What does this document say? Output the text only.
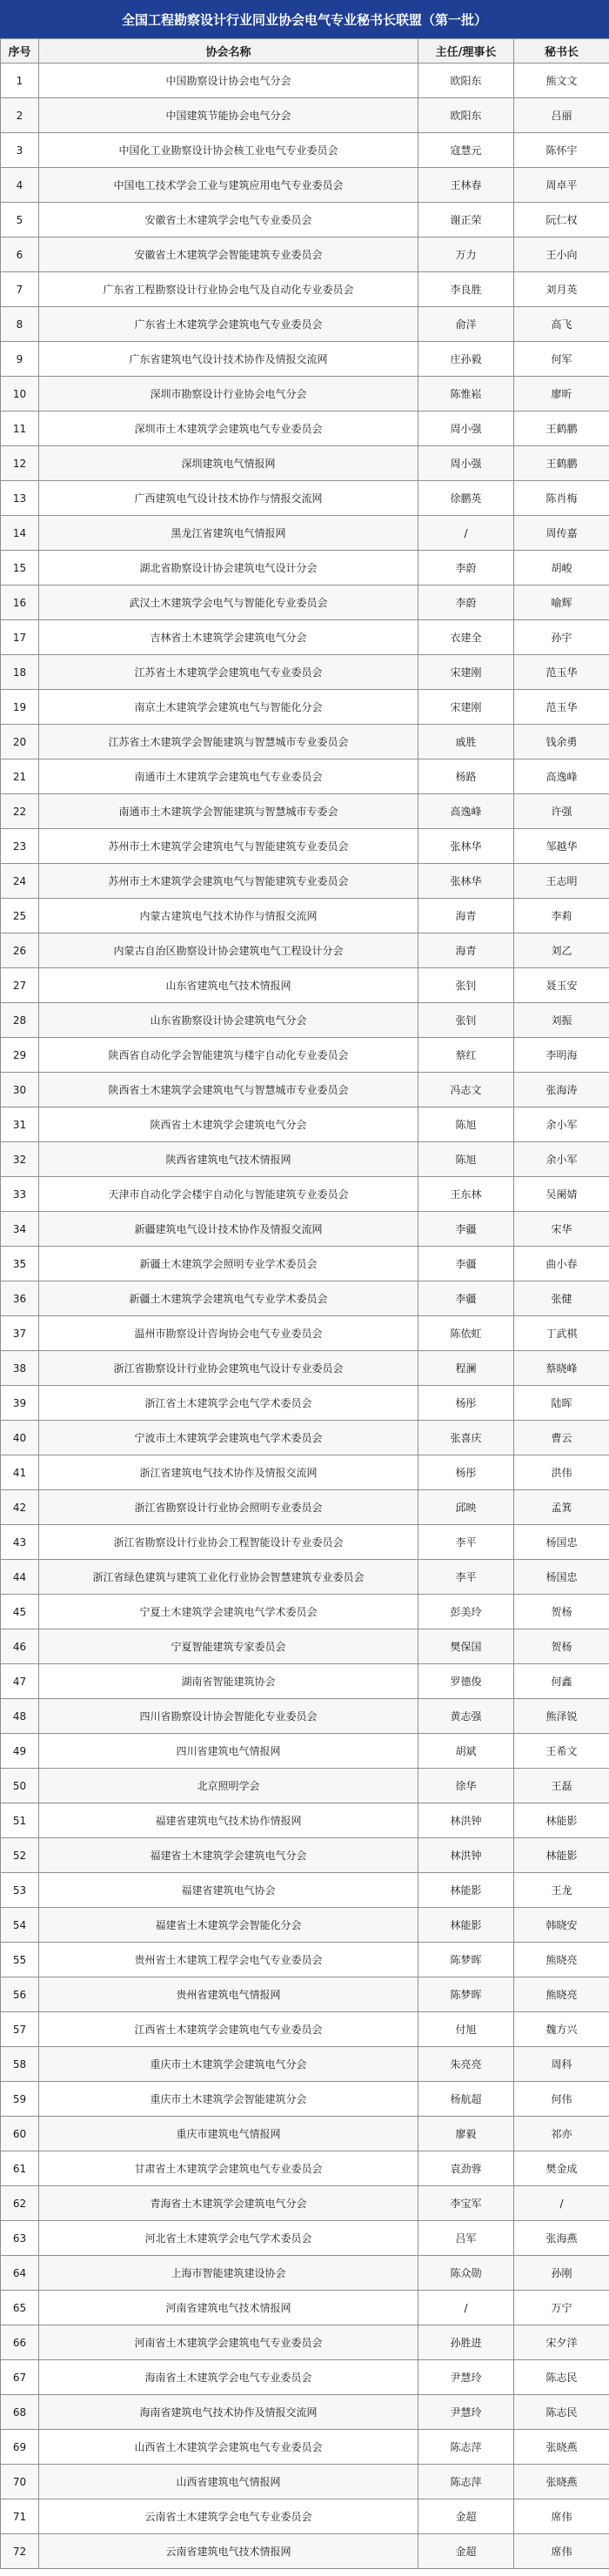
全国工程勘察设计行业同业协会电气专业秘书长联盟（第一批）
序号	协会名称	主任/理事长	秘书长
1	中国勘察设计协会电气分会	欧阳东	熊文文
2	中国建筑节能协会电气分会	欧阳东	吕丽
3	中国化工业勘察设计协会核工业电气专业委员会	寇慧元	陈怀宇
4	中国电工技术学会工业与建筑应用电气专业委员会	王林春	周卓平
5	安徽省土木建筑学会电气专业委员会	谢正荣	阮仁权
6	安徽省土木建筑学会智能建筑专业委员会	万力	王小向
7	广东省工程勘察设计行业协会电气及自动化专业委员会	李良胜	刘月英
8	广东省土木建筑学会建筑电气专业委员会	俞洋	高飞
9	广东省建筑电气设计技术协作及情报交流网	庄孙毅	何军
10	深圳市勘察设计行业协会电气分会	陈惟崧	廖昕
11	深圳市土木建筑学会建筑电气专业委员会	周小强	王鹤鹏
12	深圳建筑电气情报网	周小强	王鹤鹏
13	广西建筑电气设计技术协作与情报交流网	徐鹏英	陈肖梅
14	黑龙江省建筑电气情报网	/	周传嘉
15	湖北省勘察设计协会建筑电气设计分会	李蔚	胡峻
16	武汉土木建筑学会电气与智能化专业委员会	李蔚	喻辉
17	吉林省土木建筑学会建筑电气分会	衣建全	孙宇
18	江苏省土木建筑学会建筑电气专业委员会	宋建刚	范玉华
19	南京土木建筑学会建筑电气与智能化分会	宋建刚	范玉华
20	江苏省土木建筑学会智能建筑与智慧城市专业委员会	戚胜	钱余勇
21	南通市土木建筑学会建筑电气专业委员会	杨路	高逸峰
22	南通市土木建筑学会智能建筑与智慧城市专委会	高逸峰	许强
23	苏州市土木建筑学会建筑电气与智能建筑专业委员会	张林华	邹越华
24	苏州市土木建筑学会建筑电气与智能建筑专业委员会	张林华	王志明
25	内蒙古建筑电气技术协作与情报交流网	海青	李莉
26	内蒙古自治区勘察设计协会建筑电气工程设计分会	海青	刘乙
27	山东省建筑电气技术情报网	张钊	聂玉安
28	山东省勘察设计协会建筑电气分会	张钊	刘振
29	陕西省自动化学会智能建筑与楼宇自动化专业委员会	蔡红	李明海
30	陕西省土木建筑学会建筑电气与智慧城市专业委员会	冯志文	张海涛
31	陕西省土木建筑学会建筑电气分会	陈旭	余小军
32	陕西省建筑电气技术情报网	陈旭	余小军
33	天津市自动化学会楼宇自动化与智能建筑专业委员会	王东林	吴阑婧
34	新疆建筑电气设计技术协作及情报交流网	李疆	宋华
35	新疆土木建筑学会照明专业学术委员会	李疆	曲小春
36	新疆土木建筑学会建筑电气专业学术委员会	李疆	张健
37	温州市勘察设计咨询协会电气专业委员会	陈依虹	丁武棋
38	浙江省勘察设计行业协会建筑电气设计专业委员会	程澜	蔡晓峰
39	浙江省土木建筑学会电气学术委员会	杨彤	陆晖
40	宁波市土木建筑学会建筑电气学术委员会	张喜庆	曹云
41	浙江省建筑电气技术协作及情报交流网	杨彤	洪伟
42	浙江省勘察设计行业协会照明专业委员会	邱映	孟箕
43	浙江省勘察设计行业协会工程智能设计专业委员会	李平	杨国忠
44	浙江省绿色建筑与建筑工业化行业协会智慧建筑专业委员会	李平	杨国忠
45	宁夏土木建筑学会建筑电气学术委员会	彭美玲	贺杨
46	宁夏智能建筑专家委员会	樊保国	贺杨
47	湖南省智能建筑协会	罗德俊	何鑫
48	四川省勘察设计协会智能化专业委员会	黄志强	熊泽锐
49	四川省建筑电气情报网	胡斌	王希文
50	北京照明学会	徐华	王磊
51	福建省建筑电气技术协作情报网	林洪钟	林能影
52	福建省土木建筑学会建筑电气分会	林洪钟	林能影
53	福建省建筑电气协会	林能影	王龙
54	福建省土木建筑学会智能化分会	林能影	韩晓安
55	贵州省土木建筑工程学会电气专业委员会	陈梦晖	熊晓亮
56	贵州省建筑电气情报网	陈梦晖	熊晓亮
57	江西省土木建筑学会建筑电气专业委员会	付旭	魏方兴
58	重庆市土木建筑学会建筑电气分会	朱亮亮	周科
59	重庆市土木建筑学会智能建筑分会	杨航超	何伟
60	重庆市建筑电气情报网	廖毅	祁亦
61	甘肃省土木建筑学会建筑电气专业委员会	袁劲蓉	樊金成
62	青海省土木建筑学会建筑电气分会	李宝军	/
63	河北省土木建筑学会电气学术委员会	吕军	张海燕
64	上海市智能建筑建设协会	陈众勋	孙刚
65	河南省建筑电气技术情报网	/	万宁
66	河南省土木建筑学会建筑电气专业委员会	孙胜进	宋夕洋
67	海南省土木建筑学会电气专业委员会	尹慧玲	陈志民
68	海南省建筑电气技术协作及情报交流网	尹慧玲	陈志民
69	山西省土木建筑学会建筑电气专业委员会	陈志萍	张晓燕
70	山西省建筑电气情报网	陈志萍	张晓燕
71	云南省土木建筑学会电气专业委员会	金超	席伟
72	云南省建筑电气技术情报网	金超	席伟
